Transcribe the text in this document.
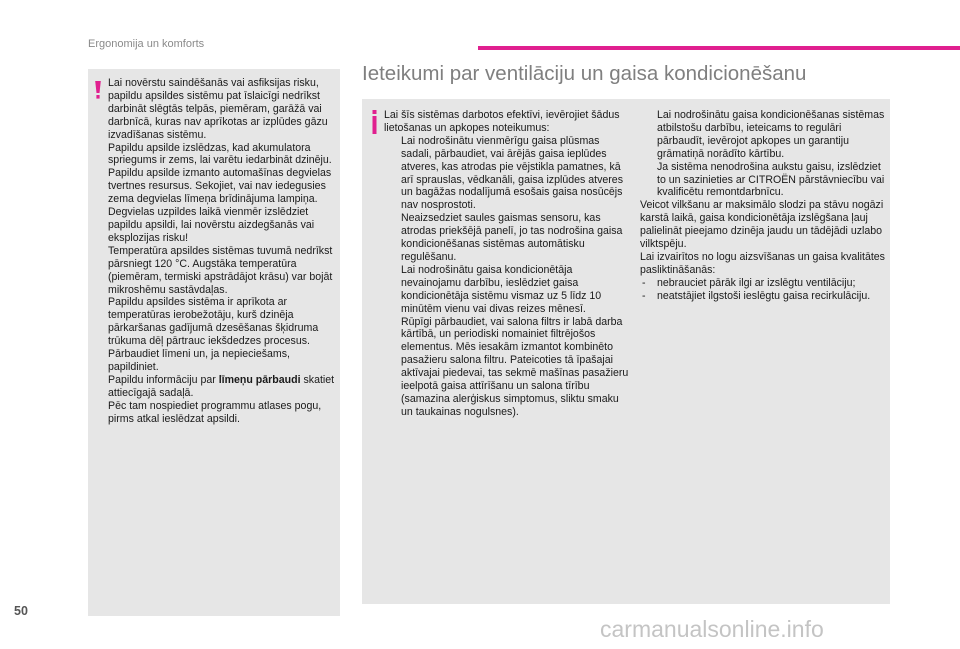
Ergonomija un komforts

Lai novērstu saindēšanās vai asfiksijas risku, papildu apsildes sistēmu pat īslaicīgi nedrīkst darbināt slēgtās telpās, piemēram, garāžā vai darbnīcā, kuras nav aprīkotas ar izplūdes gāzu izvadīšanas sistēmu.

Papildu apsilde izslēdzas, kad akumulatora spriegums ir zems, lai varētu iedarbināt dzinēju.

Papildu apsilde izmanto automašīnas degvielas tvertnes resursus. Sekojiet, vai nav iedegusies zema degvielas līmeņa brīdinājuma lampiņa.

Degvielas uzpildes laikā vienmēr izslēdziet papildu apsildi, lai novērstu aizdegšanās vai eksplozijas risku!

Temperatūra apsildes sistēmas tuvumā nedrīkst pārsniegt 120 °C. Augstāka temperatūra (piemēram, termiski apstrādājot krāsu) var bojāt mikroshēmu sastāvdaļas.

Papildu apsildes sistēma ir aprīkota ar temperatūras ierobežotāju, kurš dzinēja pārkaršanas gadījumā dzesēšanas šķidruma trūkuma dēļ pārtrauc iekšdedzes procesus. Pārbaudiet līmeni un, ja nepieciešams, papildiniet.

Papildu informāciju par līmeņu pārbaudi skatiet attiecīgajā sadaļā.

Pēc tam nospiediet programmu atlases pogu, pirms atkal ieslēdzat apsildi.

Ieteikumi par ventilāciju un gaisa kondicionēšanu

Lai šīs sistēmas darbotos efektīvi, ievērojiet šādus lietošanas un apkopes noteikumus:

Lai nodrošinātu vienmērīgu gaisa plūsmas sadali, pārbaudiet, vai ārējās gaisa ieplūdes atveres, kas atrodas pie vējstikla pamatnes, kā arī sprauslas, vēdkanāli, gaisa izplūdes atveres un bagāžas nodalījumā esošais gaisa nosūcējs nav nosprostoti.
Neaizsedziet saules gaismas sensoru, kas atrodas priekšējā panelī, jo tas nodrošina gaisa kondicionēšanas sistēmas automātisku regulēšanu.
Lai nodrošinātu gaisa kondicionētāja nevainojamu darbību, ieslēdziet gaisa kondicionētāja sistēmu vismaz uz 5 līdz 10 minūtēm vienu vai divas reizes mēnesī.
Rūpīgi pārbaudiet, vai salona filtrs ir labā darba kārtībā, un periodiski nomainiet filtrējošos elementus. Mēs iesakām izmantot kombinēto pasažieru salona filtru. Pateicoties tā īpašajai aktīvajai piedevai, tas sekmē mašīnas pasažieru ieelpotā gaisa attīrīšanu un salona tīrību (samazina alerģiskus simptomus, sliktu smaku un taukainas nogulsnes).
Lai nodrošinātu gaisa kondicionēšanas sistēmas atbilstošu darbību, ieteicams to regulāri pārbaudīt, ievērojot apkopes un garantiju grāmatiņā norādīto kārtību.
Ja sistēma nenodrošina aukstu gaisu, izslēdziet to un sazinieties ar CITROËN pārstāvniecību vai kvalificētu remontdarbnīcu.

Veicot vilkšanu ar maksimālo slodzi pa stāvu nogāzi karstā laikā, gaisa kondicionētāja izslēgšana ļauj palielināt pieejamo dzinēja jaudu un tādējādi uzlabo vilktspēju.

Lai izvairītos no logu aizsvīšanas un gaisa kvalitātes pasliktināšanās:

- nebrauciet pārāk ilgi ar izslēgtu ventilāciju;
- neatstājiet ilgstoši ieslēgtu gaisa recirkulāciju.
50
carmanualsonline.info
